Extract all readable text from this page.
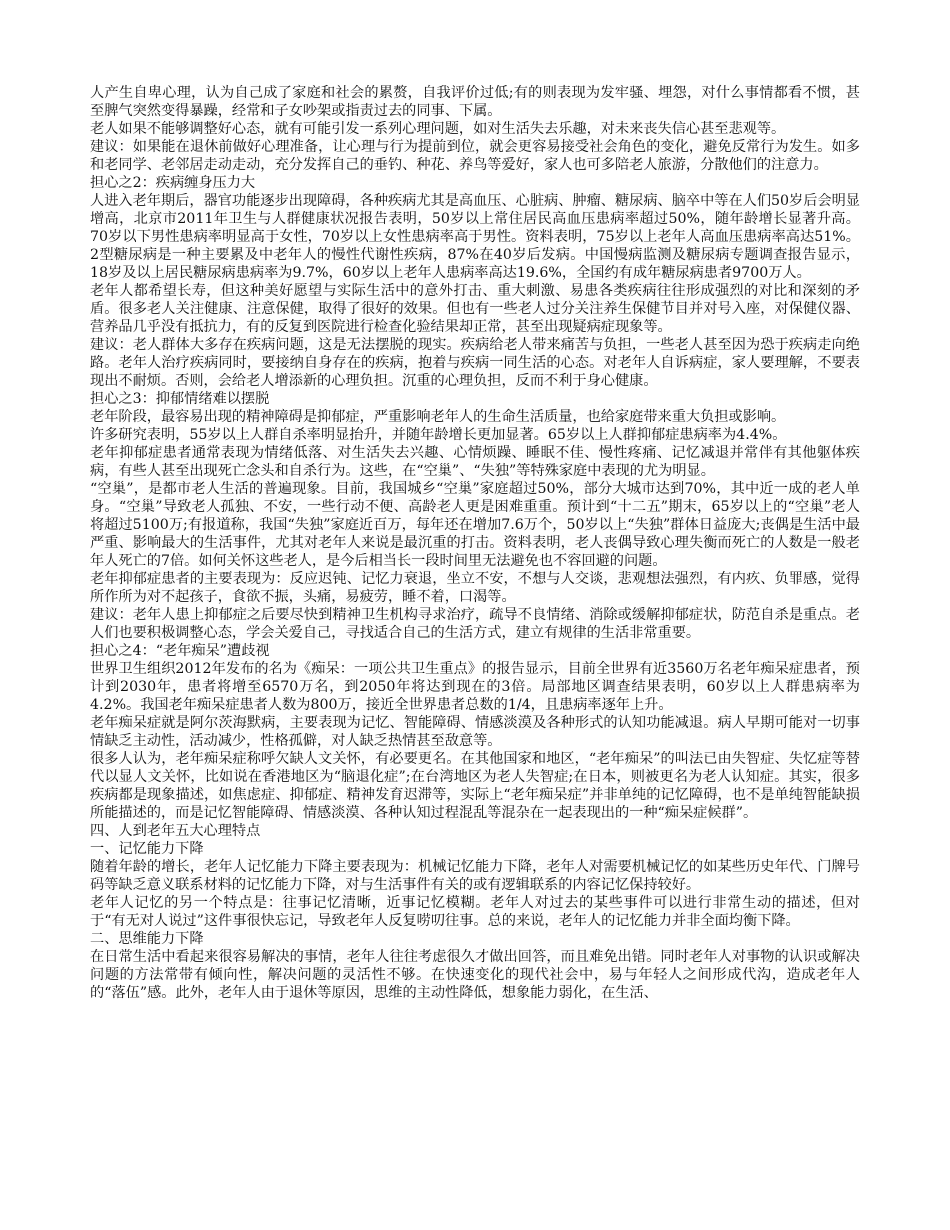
人产生自卑心理，认为自己成了家庭和社会的累赘，自我评价过低;有的则表现为发牢骚、埋怨，对什么事情都看不惯，甚至脾气突然变得暴躁，经常和子女吵架或指责过去的同事、下属。

老人如果不能够调整好心态，就有可能引发一系列心理问题，如对生活失去乐趣，对未来丧失信心甚至悲观等。

建议：如果能在退休前做好心理准备，让心理与行为提前到位，就会更容易接受社会角色的变化，避免反常行为发生。如多和老同学、老邻居走动走动，充分发挥自己的垂钓、种花、养鸟等爱好，家人也可多陪老人旅游，分散他们的注意力。

担心之2：疾病缠身压力大

人进入老年期后，器官功能逐步出现障碍，各种疾病尤其是高血压、心脏病、肿瘤、糖尿病、脑卒中等在人们50岁后会明显增高，北京市2011年卫生与人群健康状况报告表明，50岁以上常住居民高血压患病率超过50%，随年龄增长显著升高。70岁以下男性患病率明显高于女性，70岁以上女性患病率高于男性。资料表明，75岁以上老年人高血压患病率高达51%。2型糖尿病是一种主要累及中老年人的慢性代谢性疾病，87%在40岁后发病。中国慢病监测及糖尿病专题调查报告显示，18岁及以上居民糖尿病患病率为9.7%，60岁以上老年人患病率高达19.6%，全国约有成年糖尿病患者9700万人。

老年人都希望长寿，但这种美好愿望与实际生活中的意外打击、重大刺激、易患各类疾病往往形成强烈的对比和深刻的矛盾。很多老人关注健康、注意保健，取得了很好的效果。但也有一些老人过分关注养生保健节目并对号入座，对保健仪器、营养品几乎没有抵抗力，有的反复到医院进行检查化验结果却正常，甚至出现疑病症现象等。

建议：老人群体大多存在疾病问题，这是无法摆脱的现实。疾病给老人带来痛苦与负担，一些老人甚至因为恐于疾病走向绝路。老年人治疗疾病同时，要接纳自身存在的疾病，抱着与疾病一同生活的心态。对老年人自诉病症，家人要理解，不要表现出不耐烦。否则，会给老人增添新的心理负担。沉重的心理负担，反而不利于身心健康。

担心之3：抑郁情绪难以摆脱

老年阶段，最容易出现的精神障碍是抑郁症，严重影响老年人的生命生活质量，也给家庭带来重大负担或影响。

许多研究表明，55岁以上人群自杀率明显抬升，并随年龄增长更加显著。65岁以上人群抑郁症患病率为4.4%。

老年抑郁症患者通常表现为情绪低落、对生活失去兴趣、心情烦躁、睡眠不佳、慢性疼痛、记忆减退并常伴有其他躯体疾病，有些人甚至出现死亡念头和自杀行为。这些，在“空巢”、“失独”等特殊家庭中表现的尤为明显。

“空巢”，是都市老人生活的普遍现象。目前，我国城乡“空巢”家庭超过50%，部分大城市达到70%，其中近一成的老人单身。“空巢”导致老人孤独、不安，一些行动不便、高龄老人更是困难重重。预计到“十二五”期末，65岁以上的“空巢”老人将超过5100万;有报道称，我国“失独”家庭近百万，每年还在增加7.6万个，50岁以上“失独”群体日益庞大;丧偶是生活中最严重、影响最大的生活事件，尤其对老年人来说是最沉重的打击。资料表明，老人丧偶导致心理失衡而死亡的人数是一般老年人死亡的7倍。如何关怀这些老人，是今后相当长一段时间里无法避免也不容回避的问题。

老年抑郁症患者的主要表现为：反应迟钝、记忆力衰退，坐立不安，不想与人交谈，悲观想法强烈，有内疚、负罪感，觉得所作所为对不起孩子，食欲不振，头痛，易疲劳，睡不着，口渴等。

建议：老年人患上抑郁症之后要尽快到精神卫生机构寻求治疗，疏导不良情绪、消除或缓解抑郁症状，防范自杀是重点。老人们也要积极调整心态，学会关爱自己，寻找适合自己的生活方式，建立有规律的生活非常重要。

担心之4：“老年痴呆”遭歧视

世界卫生组织2012年发布的名为《痴呆：一项公共卫生重点》的报告显示，目前全世界有近3560万名老年痴呆症患者，预计到2030年，患者将增至6570万名，到2050年将达到现在的3倍。局部地区调查结果表明，60岁以上人群患病率为4.2%。我国老年痴呆症患者人数为800万，接近全世界患者总数的1/4，且患病率逐年上升。

老年痴呆症就是阿尔茨海默病，主要表现为记忆、智能障碍、情感淡漠及各种形式的认知功能减退。病人早期可能对一切事情缺乏主动性，活动减少，性格孤僻，对人缺乏热情甚至敌意等。

很多人认为，老年痴呆症称呼欠缺人文关怀，有必要更名。在其他国家和地区，“老年痴呆”的叫法已由失智症、失忆症等替代以显人文关怀，比如说在香港地区为“脑退化症”;在台湾地区为老人失智症;在日本，则被更名为老人认知症。其实，很多疾病都是现象描述，如焦虑症、抑郁症、精神发育迟滞等，实际上“老年痴呆症”并非单纯的记忆障碍，也不是单纯智能缺损所能描述的，而是记忆智能障碍、情感淡漠、各种认知过程混乱等混杂在一起表现出的一种“痴呆症候群”。

四、人到老年五大心理特点

一、记忆能力下降

随着年龄的增长，老年人记忆能力下降主要表现为：机械记忆能力下降，老年人对需要机械记忆的如某些历史年代、门牌号码等缺乏意义联系材料的记忆能力下降，对与生活事件有关的或有逻辑联系的内容记忆保持较好。

老年人记忆的另一个特点是：往事记忆清晰，近事记忆模糊。老年人对过去的某些事件可以进行非常生动的描述，但对于“有无对人说过”这件事很快忘记，导致老年人反复唠叨往事。总的来说，老年人的记忆能力并非全面均衡下降。

二、思维能力下降

在日常生活中看起来很容易解决的事情，老年人往往考虑很久才做出回答，而且难免出错。同时老年人对事物的认识或解决问题的方法常带有倾向性，解决问题的灵活性不够。在快速变化的现代社会中，易与年轻人之间形成代沟，造成老年人的“落伍”感。此外，老年人由于退休等原因，思维的主动性降低，想象能力弱化，在生活、
